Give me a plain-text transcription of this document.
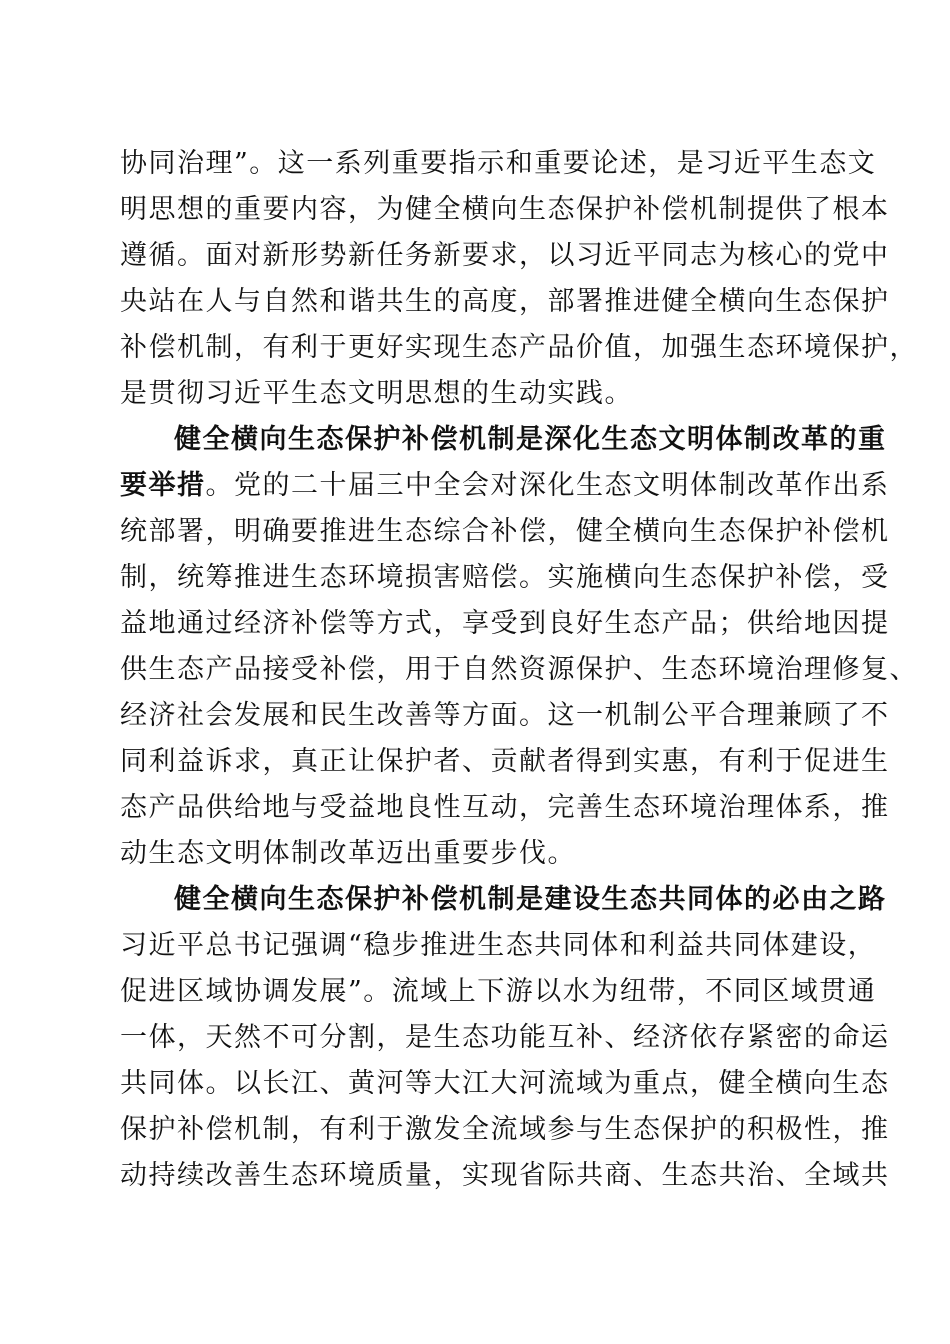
协同治理”。这一系列重要指示和重要论述，是习近平生态文
明思想的重要内容，为健全横向生态保护补偿机制提供了根本
遵循。面对新形势新任务新要求，以习近平同志为核心的党中
央站在人与自然和谐共生的高度，部署推进健全横向生态保护
补偿机制，有利于更好实现生态产品价值，加强生态环境保护，
是贯彻习近平生态文明思想的生动实践。
健全横向生态保护补偿机制是深化生态文明体制改革的重
要举措。党的二十届三中全会对深化生态文明体制改革作出系
统部署，明确要推进生态综合补偿，健全横向生态保护补偿机
制，统筹推进生态环境损害赔偿。实施横向生态保护补偿，受
益地通过经济补偿等方式，享受到良好生态产品；供给地因提
供生态产品接受补偿，用于自然资源保护、生态环境治理修复、
经济社会发展和民生改善等方面。这一机制公平合理兼顾了不
同利益诉求，真正让保护者、贡献者得到实惠，有利于促进生
态产品供给地与受益地良性互动，完善生态环境治理体系，推
动生态文明体制改革迈出重要步伐。
健全横向生态保护补偿机制是建设生态共同体的必由之路
习近平总书记强调“稳步推进生态共同体和利益共同体建设，
促进区域协调发展”。流域上下游以水为纽带，不同区域贯通
一体，天然不可分割，是生态功能互补、经济依存紧密的命运
共同体。以长江、黄河等大江大河流域为重点，健全横向生态
保护补偿机制，有利于激发全流域参与生态保护的积极性，推
动持续改善生态环境质量，实现省际共商、生态共治、全域共
